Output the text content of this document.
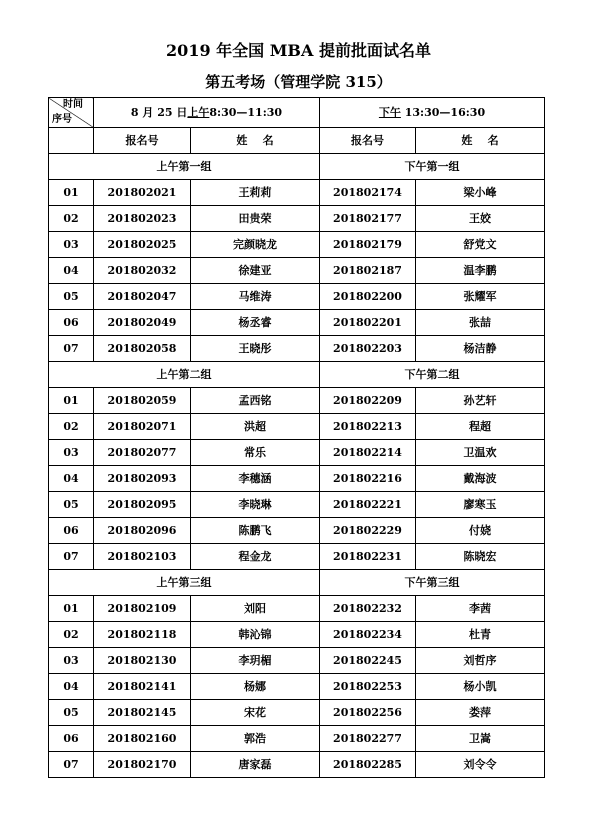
2019 年全国 MBA 提前批面试名单
第五考场（管理学院 315）
时间
序号	8 月 25 日上午8:30—11:30		下午 13:30—16:30	
	报名号	姓    名	报名号	姓    名
上午第一组			下午第一组	
01	201802021	王莉莉	201802174	梁小峰
02	201802023	田贵荣	201802177	王姣
03	201802025	完颜晓龙	201802179	舒党文
04	201802032	徐建亚	201802187	温李鹏
05	201802047	马维涛	201802200	张耀军
06	201802049	杨丞睿	201802201	张喆
07	201802058	王晓彤	201802203	杨洁静
上午第二组			下午第二组	
01	201802059	孟西铭	201802209	孙艺轩
02	201802071	洪超	201802213	程超
03	201802077	常乐	201802214	卫温欢
04	201802093	李穗涵	201802216	戴海波
05	201802095	李晓琳	201802221	廖寒玉
06	201802096	陈鹏飞	201802229	付娆
07	201802103	程金龙	201802231	陈晓宏
上午第三组			下午第三组	
01	201802109	刘阳	201802232	李茜
02	201802118	韩沁锦	201802234	杜青
03	201802130	李玥楣	201802245	刘哲序
04	201802141	杨娜	201802253	杨小凯
05	201802145	宋花	201802256	娄萍
06	201802160	郭浩	201802277	卫嵩
07	201802170	唐家磊	201802285	刘令令
